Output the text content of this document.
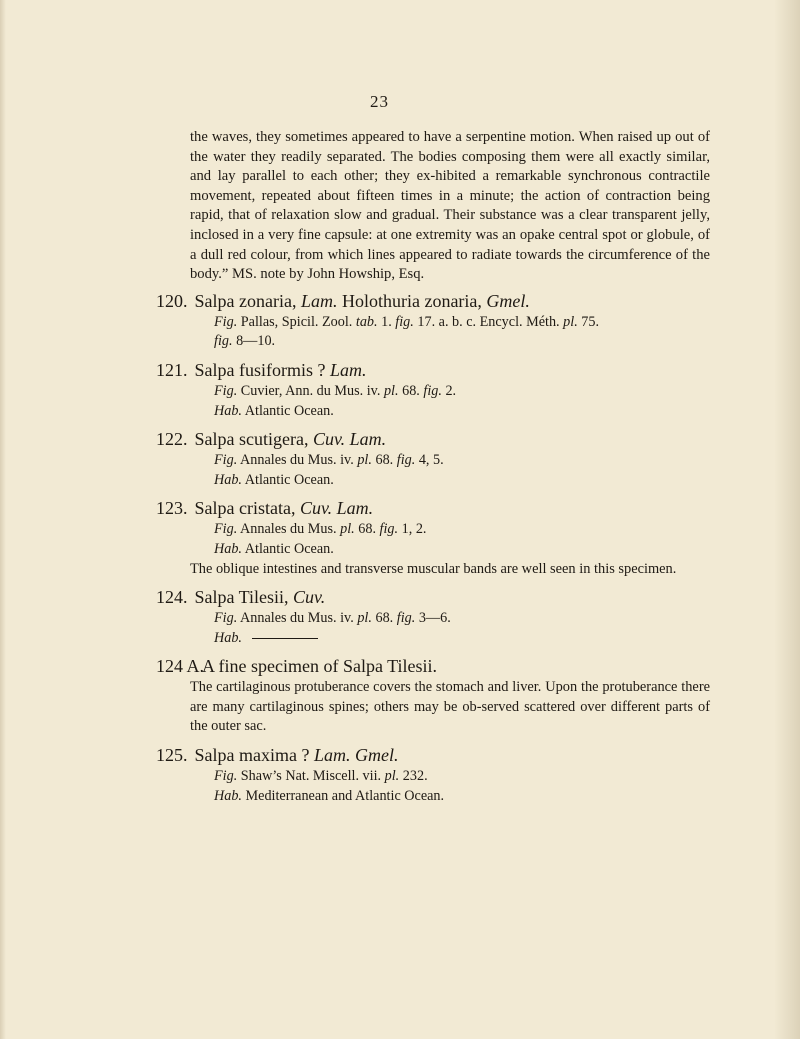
23

the waves, they sometimes appeared to have a serpentine motion. When raised up out of the water they readily separated. The bodies composing them were all exactly similar, and lay parallel to each other; they ex-hibited a remarkable synchronous contractile movement, repeated about fifteen times in a minute; the action of contraction being rapid, that of relaxation slow and gradual. Their substance was a clear transparent jelly, inclosed in a very fine capsule: at one extremity was an opake central spot or globule, of a dull red colour, from which lines appeared to radiate towards the circumference of the body.” MS. note by John Howship, Esq.

120. Salpa zonaria, Lam. Holothuria zonaria, Gmel.
Fig. Pallas, Spicil. Zool. tab. 1. fig. 17. a. b. c. Encycl. Méth. pl. 75.
fig. 8—10.
121. Salpa fusiformis ? Lam.
Fig. Cuvier, Ann. du Mus. iv. pl. 68. fig. 2.
Hab. Atlantic Ocean.
122. Salpa scutigera, Cuv. Lam.
Fig. Annales du Mus. iv. pl. 68. fig. 4, 5.
Hab. Atlantic Ocean.
123. Salpa cristata, Cuv. Lam.
Fig. Annales du Mus. pl. 68. fig. 1, 2.
Hab. Atlantic Ocean.
The oblique intestines and transverse muscular bands are well seen in this specimen.
124. Salpa Tilesii, Cuv.
Fig. Annales du Mus. iv. pl. 68. fig. 3—6.
Hab.
124 A.A fine specimen of Salpa Tilesii.
The cartilaginous protuberance covers the stomach and liver. Upon the protuberance there are many cartilaginous spines; others may be ob-served scattered over different parts of the outer sac.
125. Salpa maxima ? Lam. Gmel.
Fig. Shaw’s Nat. Miscell. vii. pl. 232.
Hab. Mediterranean and Atlantic Ocean.
